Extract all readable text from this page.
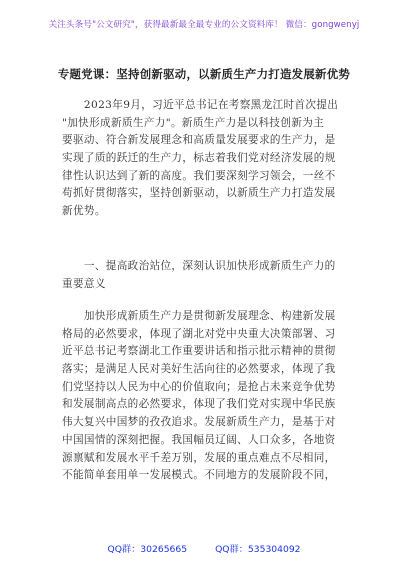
关注头条号"公文研究"，获得最新最全最专业的公文资料库！ 微信：gongwenyj
专题党课：坚持创新驱动，以新质生产力打造发展新优势
　　2023年9月，习近平总书记在考察黑龙江时首次提出
"加快形成新质生产力"。新质生产力是以科技创新为主
要驱动、符合新发展理念和高质量发展要求的生产力，是
实现了质的跃迁的生产力，标志着我们党对经济发展的规
律性认识达到了新的高度。我们要深刻学习领会，一丝不
苟抓好贯彻落实，坚持创新驱动，以新质生产力打造发展
新优势。
　　一、提高政治站位，深刻认识加快形成新质生产力的
重要意义
　　加快形成新质生产力是贯彻新发展理念、构建新发展
格局的必然要求，体现了湖北对党中央重大决策部署、习
近平总书记考察湖北工作重要讲话和指示批示精神的贯彻
落实；是满足人民对美好生活向往的必然要求，体现了我
们党坚持以人民为中心的价值取向；是抢占未来竞争优势
和发展制高点的必然要求，体现了我们党对实现中华民族
伟大复兴中国梦的孜孜追求。发展新质生产力，是基于对
中国国情的深刻把握。我国幅员辽阔、人口众多，各地资
源禀赋和发展水平千差万别，发展的重点难点不尽相同，
不能简单套用单一发展模式。不同地方的发展阶段不同，
QQ群：30265665	QQ群：535304092
